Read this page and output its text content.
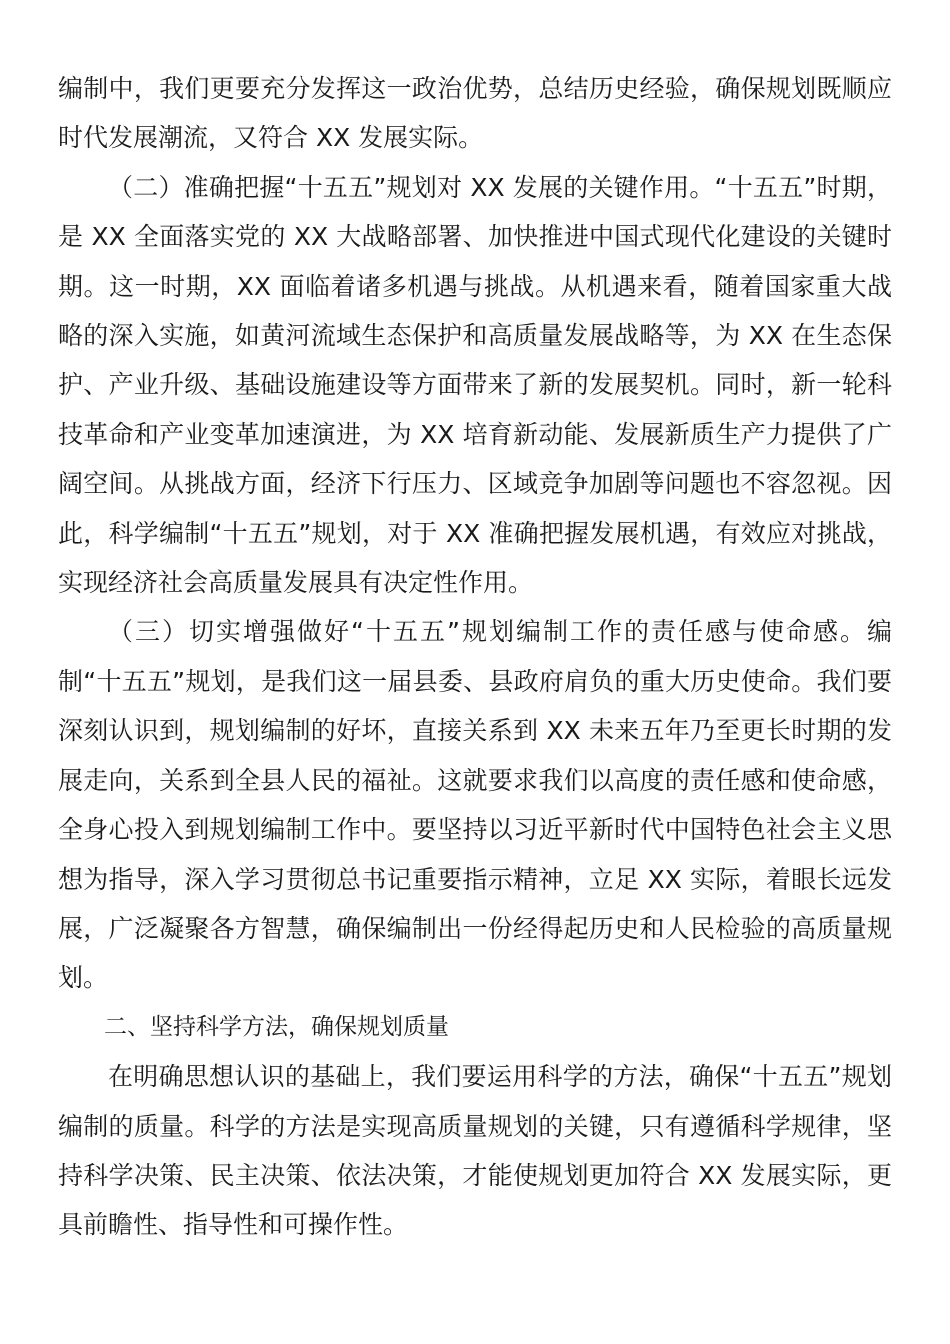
编制中，我们更要充分发挥这一政治优势，总结历史经验，确保规划既顺应时代发展潮流，又符合 XX 发展实际。

（二）准确把握“十五五”规划对 XX 发展的关键作用。“十五五”时期，是 XX 全面落实党的 XX 大战略部署、加快推进中国式现代化建设的关键时期。这一时期，XX 面临着诸多机遇与挑战。从机遇来看，随着国家重大战略的深入实施，如黄河流域生态保护和高质量发展战略等，为 XX 在生态保护、产业升级、基础设施建设等方面带来了新的发展契机。同时，新一轮科技革命和产业变革加速演进，为 XX 培育新动能、发展新质生产力提供了广阔空间。从挑战方面，经济下行压力、区域竞争加剧等问题也不容忽视。因此，科学编制“十五五”规划，对于 XX 准确把握发展机遇，有效应对挑战，实现经济社会高质量发展具有决定性作用。

（三）切实增强做好“十五五”规划编制工作的责任感与使命感。编制“十五五”规划，是我们这一届县委、县政府肩负的重大历史使命。我们要深刻认识到，规划编制的好坏，直接关系到 XX 未来五年乃至更长时期的发展走向，关系到全县人民的福祉。这就要求我们以高度的责任感和使命感，全身心投入到规划编制工作中。要坚持以习近平新时代中国特色社会主义思想为指导，深入学习贯彻总书记重要指示精神，立足 XX 实际，着眼长远发展，广泛凝聚各方智慧，确保编制出一份经得起历史和人民检验的高质量规划。

二、坚持科学方法，确保规划质量

在明确思想认识的基础上，我们要运用科学的方法，确保“十五五”规划编制的质量。科学的方法是实现高质量规划的关键，只有遵循科学规律，坚持科学决策、民主决策、依法决策，才能使规划更加符合 XX 发展实际，更具前瞻性、指导性和可操作性。
